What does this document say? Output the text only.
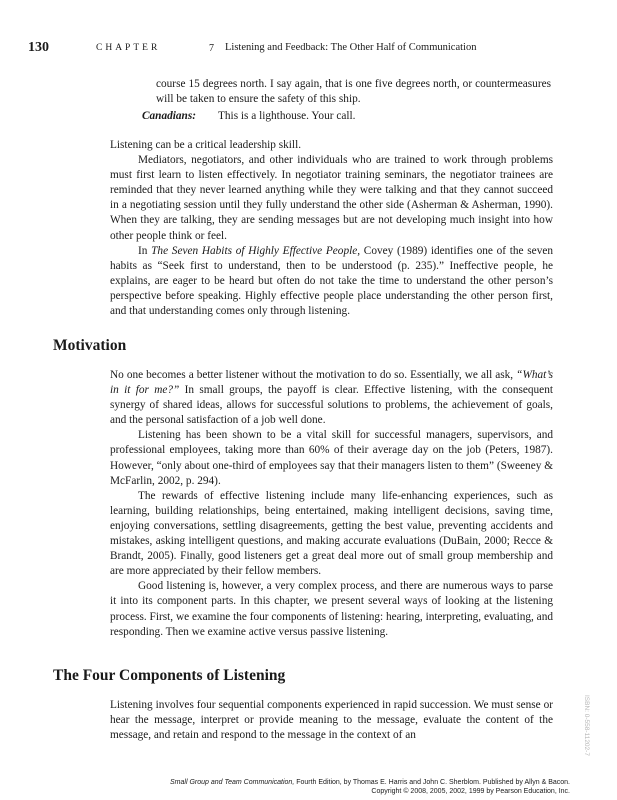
130	CHAPTER	7 Listening and Feedback: The Other Half of Communication

course 15 degrees north. I say again, that is one five degrees north, or countermeasures will be taken to ensure the safety of this ship.

Canadians: This is a lighthouse. Your call.

Listening can be a critical leadership skill.

Mediators, negotiators, and other individuals who are trained to work through problems must first learn to listen effectively. In negotiator training seminars, the negotiator trainees are reminded that they never learned anything while they were talking and that they cannot succeed in a negotiating session until they fully understand the other side (Asherman & Asherman, 1990). When they are talking, they are sending messages but are not developing much insight into how other people think or feel.

In The Seven Habits of Highly Effective People, Covey (1989) identifies one of the seven habits as “Seek first to understand, then to be understood (p. 235).” Ineffective people, he explains, are eager to be heard but often do not take the time to understand the other person’s perspective before speaking. Highly effective people place understanding the other person first, and that understanding comes only through listening.

Motivation

No one becomes a better listener without the motivation to do so. Essentially, we all ask, “What’s in it for me?” In small groups, the payoff is clear. Effective listening, with the consequent synergy of shared ideas, allows for successful solutions to problems, the achievement of goals, and the personal satisfaction of a job well done.

Listening has been shown to be a vital skill for successful managers, supervisors, and professional employees, taking more than 60% of their average day on the job (Peters, 1987). However, “only about one-third of employees say that their managers listen to them” (Sweeney & McFarlin, 2002, p. 294).

The rewards of effective listening include many life-enhancing experiences, such as learning, building relationships, being entertained, making intelligent decisions, saving time, enjoying conversations, settling disagreements, getting the best value, preventing accidents and mistakes, asking intelligent questions, and making accurate evaluations (DuBain, 2000; Recce & Brandt, 2005). Finally, good listeners get a great deal more out of small group membership and are more appreciated by their fellow members.

Good listening is, however, a very complex process, and there are numerous ways to parse it into its component parts. In this chapter, we present several ways of looking at the listening process. First, we examine the four components of listening: hearing, interpreting, evaluating, and responding. Then we examine active versus passive listening.

The Four Components of Listening

Listening involves four sequential components experienced in rapid succession. We must sense or hear the message, interpret or provide meaning to the message, evaluate the content of the message, and retain and respond to the message in the context of an	ISBN: 0-558-11202-7
Small Group and Team Communication, Fourth Edition, by Thomas E. Harris and John C. Sherblom. Published by Allyn & Bacon.
Copyright © 2008, 2005, 2002, 1999 by Pearson Education, Inc.
